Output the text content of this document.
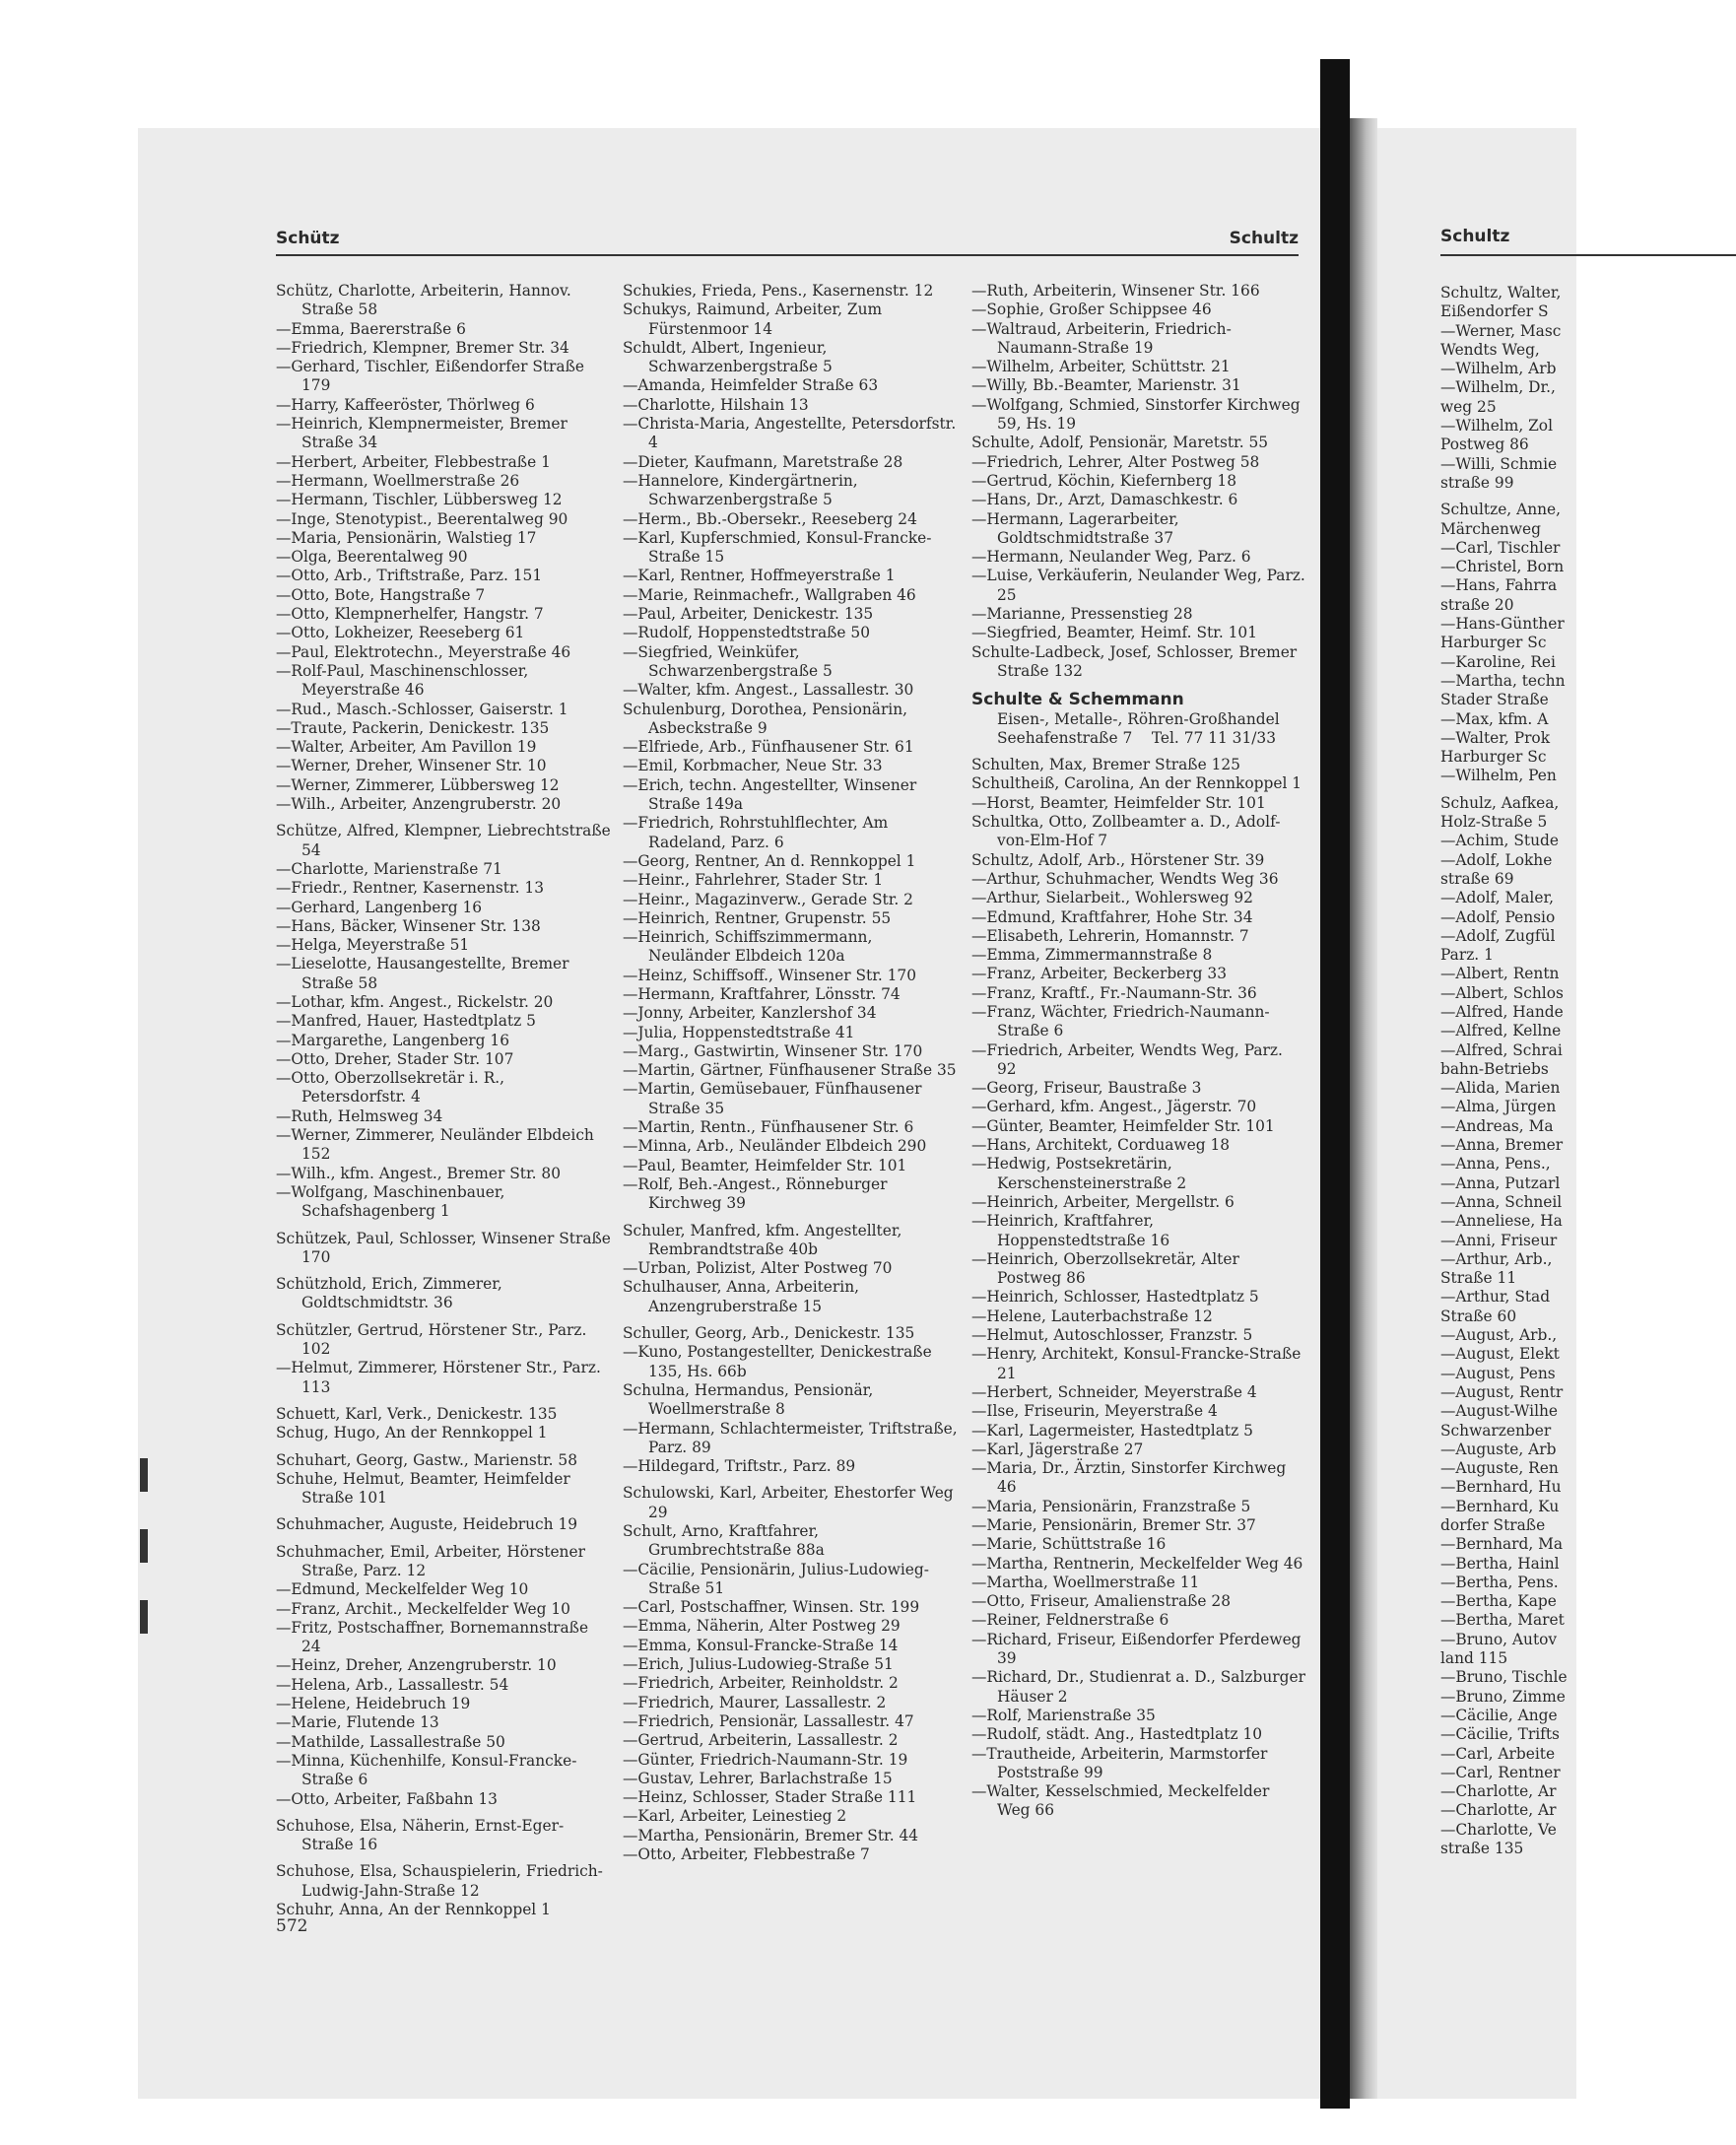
Schütz	Schultz

Schütz, Charlotte, Arbeiterin, Hannov. Straße 58

—Emma, Baererstraße 6

—Friedrich, Klempner, Bremer Str. 34

—Gerhard, Tischler, Eißendorfer Straße 179

—Harry, Kaffeeröster, Thörlweg 6

—Heinrich, Klempnermeister, Bremer Straße 34

—Herbert, Arbeiter, Flebbestraße 1

—Hermann, Woellmerstraße 26

—Hermann, Tischler, Lübbersweg 12

—Inge, Stenotypist., Beerentalweg 90

—Maria, Pensionärin, Walstieg 17

—Olga, Beerentalweg 90

—Otto, Arb., Triftstraße, Parz. 151

—Otto, Bote, Hangstraße 7

—Otto, Klempnerhelfer, Hangstr. 7

—Otto, Lokheizer, Reeseberg 61

—Paul, Elektrotechn., Meyerstraße 46

—Rolf-Paul, Maschinenschlosser, Meyerstraße 46

—Rud., Masch.-Schlosser, Gaiserstr. 1

—Traute, Packerin, Denickestr. 135

—Walter, Arbeiter, Am Pavillon 19

—Werner, Dreher, Winsener Str. 10

—Werner, Zimmerer, Lübbersweg 12

—Wilh., Arbeiter, Anzengruberstr. 20

Schütze, Alfred, Klempner, Liebrechtstraße 54

—Charlotte, Marienstraße 71

—Friedr., Rentner, Kasernenstr. 13

—Gerhard, Langenberg 16

—Hans, Bäcker, Winsener Str. 138

—Helga, Meyerstraße 51

—Lieselotte, Hausangestellte, Bremer Straße 58

—Lothar, kfm. Angest., Rickelstr. 20

—Manfred, Hauer, Hastedtplatz 5

—Margarethe, Langenberg 16

—Otto, Dreher, Stader Str. 107

—Otto, Oberzollsekretär i. R., Petersdorfstr. 4

—Ruth, Helmsweg 34

—Werner, Zimmerer, Neuländer Elbdeich 152

—Wilh., kfm. Angest., Bremer Str. 80

—Wolfgang, Maschinenbauer, Schafshagenberg 1

Schützek, Paul, Schlosser, Winsener Straße 170

Schützhold, Erich, Zimmerer, Goldtschmidtstr. 36

Schützler, Gertrud, Hörstener Str., Parz. 102

—Helmut, Zimmerer, Hörstener Str., Parz. 113

Schuett, Karl, Verk., Denickestr. 135

Schug, Hugo, An der Rennkoppel 1

Schuhart, Georg, Gastw., Marienstr. 58

Schuhe, Helmut, Beamter, Heimfelder Straße 101

Schuhmacher, Auguste, Heidebruch 19

Schuhmacher, Emil, Arbeiter, Hörstener Straße, Parz. 12

—Edmund, Meckelfelder Weg 10

—Franz, Archit., Meckelfelder Weg 10

—Fritz, Postschaffner, Bornemannstraße 24

—Heinz, Dreher, Anzengruberstr. 10

—Helena, Arb., Lassallestr. 54

—Helene, Heidebruch 19

—Marie, Flutende 13

—Mathilde, Lassallestraße 50

—Minna, Küchenhilfe, Konsul-Francke-Straße 6

—Otto, Arbeiter, Faßbahn 13

Schuhose, Elsa, Näherin, Ernst-Eger-Straße 16

Schuhose, Elsa, Schauspielerin, Friedrich-Ludwig-Jahn-Straße 12

Schuhr, Anna, An der Rennkoppel 1

Schukies, Frieda, Pens., Kasernenstr. 12

Schukys, Raimund, Arbeiter, Zum Fürstenmoor 14

Schuldt, Albert, Ingenieur, Schwarzenbergstraße 5

—Amanda, Heimfelder Straße 63

—Charlotte, Hilshain 13

—Christa-Maria, Angestellte, Petersdorfstr. 4

—Dieter, Kaufmann, Maretstraße 28

—Hannelore, Kindergärtnerin, Schwarzenbergstraße 5

—Herm., Bb.-Obersekr., Reeseberg 24

—Karl, Kupferschmied, Konsul-Francke-Straße 15

—Karl, Rentner, Hoffmeyerstraße 1

—Marie, Reinmachefr., Wallgraben 46

—Paul, Arbeiter, Denickestr. 135

—Rudolf, Hoppenstedtstraße 50

—Siegfried, Weinküfer, Schwarzenbergstraße 5

—Walter, kfm. Angest., Lassallestr. 30

Schulenburg, Dorothea, Pensionärin, Asbeckstraße 9

—Elfriede, Arb., Fünfhausener Str. 61

—Emil, Korbmacher, Neue Str. 33

—Erich, techn. Angestellter, Winsener Straße 149a

—Friedrich, Rohrstuhlflechter, Am Radeland, Parz. 6

—Georg, Rentner, An d. Rennkoppel 1

—Heinr., Fahrlehrer, Stader Str. 1

—Heinr., Magazinverw., Gerade Str. 2

—Heinrich, Rentner, Grupenstr. 55

—Heinrich, Schiffszimmermann, Neuländer Elbdeich 120a

—Heinz, Schiffsoff., Winsener Str. 170

—Hermann, Kraftfahrer, Lönsstr. 74

—Jonny, Arbeiter, Kanzlershof 34

—Julia, Hoppenstedtstraße 41

—Marg., Gastwirtin, Winsener Str. 170

—Martin, Gärtner, Fünfhausener Straße 35

—Martin, Gemüsebauer, Fünfhausener Straße 35

—Martin, Rentn., Fünfhausener Str. 6

—Minna, Arb., Neuländer Elbdeich 290

—Paul, Beamter, Heimfelder Str. 101

—Rolf, Beh.-Angest., Rönneburger Kirchweg 39

Schuler, Manfred, kfm. Angestellter, Rembrandtstraße 40b

—Urban, Polizist, Alter Postweg 70

Schulhauser, Anna, Arbeiterin, Anzengruberstraße 15

Schuller, Georg, Arb., Denickestr. 135

—Kuno, Postangestellter, Denickestraße 135, Hs. 66b

Schulna, Hermandus, Pensionär, Woellmerstraße 8

—Hermann, Schlachtermeister, Triftstraße, Parz. 89

—Hildegard, Triftstr., Parz. 89

Schulowski, Karl, Arbeiter, Ehestorfer Weg 29

Schult, Arno, Kraftfahrer, Grumbrechtstraße 88a

—Cäcilie, Pensionärin, Julius-Ludowieg-Straße 51

—Carl, Postschaffner, Winsen. Str. 199

—Emma, Näherin, Alter Postweg 29

—Emma, Konsul-Francke-Straße 14

—Erich, Julius-Ludowieg-Straße 51

—Friedrich, Arbeiter, Reinholdstr. 2

—Friedrich, Maurer, Lassallestr. 2

—Friedrich, Pensionär, Lassallestr. 47

—Gertrud, Arbeiterin, Lassallestr. 2

—Günter, Friedrich-Naumann-Str. 19

—Gustav, Lehrer, Barlachstraße 15

—Heinz, Schlosser, Stader Straße 111

—Karl, Arbeiter, Leinestieg 2

—Martha, Pensionärin, Bremer Str. 44

—Otto, Arbeiter, Flebbestraße 7

—Ruth, Arbeiterin, Winsener Str. 166

—Sophie, Großer Schippsee 46

—Waltraud, Arbeiterin, Friedrich-Naumann-Straße 19

—Wilhelm, Arbeiter, Schüttstr. 21

—Willy, Bb.-Beamter, Marienstr. 31

—Wolfgang, Schmied, Sinstorfer Kirchweg 59, Hs. 19

Schulte, Adolf, Pensionär, Maretstr. 55

—Friedrich, Lehrer, Alter Postweg 58

—Gertrud, Köchin, Kiefernberg 18

—Hans, Dr., Arzt, Damaschkestr. 6

—Hermann, Lagerarbeiter, Goldtschmidtstraße 37

—Hermann, Neulander Weg, Parz. 6

—Luise, Verkäuferin, Neulander Weg, Parz. 25

—Marianne, Pressenstieg 28

—Siegfried, Beamter, Heimf. Str. 101

Schulte-Ladbeck, Josef, Schlosser, Bremer Straße 132

Schulte & Schemmann

Eisen-, Metalle-, Röhren-Großhandel

Seehafenstraße 7    Tel. 77 11 31/33

Schulten, Max, Bremer Straße 125

Schultheiß, Carolina, An der Rennkoppel 1

—Horst, Beamter, Heimfelder Str. 101

Schultka, Otto, Zollbeamter a. D., Adolf-von-Elm-Hof 7

Schultz, Adolf, Arb., Hörstener Str. 39

—Arthur, Schuhmacher, Wendts Weg 36

—Arthur, Sielarbeit., Wohlersweg 92

—Edmund, Kraftfahrer, Hohe Str. 34

—Elisabeth, Lehrerin, Homannstr. 7

—Emma, Zimmermannstraße 8

—Franz, Arbeiter, Beckerberg 33

—Franz, Kraftf., Fr.-Naumann-Str. 36

—Franz, Wächter, Friedrich-Naumann-Straße 6

—Friedrich, Arbeiter, Wendts Weg, Parz. 92

—Georg, Friseur, Baustraße 3

—Gerhard, kfm. Angest., Jägerstr. 70

—Günter, Beamter, Heimfelder Str. 101

—Hans, Architekt, Corduaweg 18

—Hedwig, Postsekretärin, Kerschensteinerstraße 2

—Heinrich, Arbeiter, Mergellstr. 6

—Heinrich, Kraftfahrer, Hoppenstedtstraße 16

—Heinrich, Oberzollsekretär, Alter Postweg 86

—Heinrich, Schlosser, Hastedtplatz 5

—Helene, Lauterbachstraße 12

—Helmut, Autoschlosser, Franzstr. 5

—Henry, Architekt, Konsul-Francke-Straße 21

—Herbert, Schneider, Meyerstraße 4

—Ilse, Friseurin, Meyerstraße 4

—Karl, Lagermeister, Hastedtplatz 5

—Karl, Jägerstraße 27

—Maria, Dr., Ärztin, Sinstorfer Kirchweg 46

—Maria, Pensionärin, Franzstraße 5

—Marie, Pensionärin, Bremer Str. 37

—Marie, Schüttstraße 16

—Martha, Rentnerin, Meckelfelder Weg 46

—Martha, Woellmerstraße 11

—Otto, Friseur, Amalienstraße 28

—Reiner, Feldnerstraße 6

—Richard, Friseur, Eißendorfer Pferdeweg 39

—Richard, Dr., Studienrat a. D., Salzburger Häuser 2

—Rolf, Marienstraße 35

—Rudolf, städt. Ang., Hastedtplatz 10

—Trautheide, Arbeiterin, Marmstorfer Poststraße 99

—Walter, Kesselschmied, Meckelfelder Weg 66

572
Schultz

Schultz, Walter,

Eißendorfer S

—Werner, Masc

Wendts Weg,

—Wilhelm, Arb

—Wilhelm, Dr.,

weg 25

—Wilhelm, Zol

Postweg 86

—Willi, Schmie

straße 99

Schultze, Anne,

Märchenweg

—Carl, Tischler

—Christel, Born

—Hans, Fahrra

straße 20

—Hans-Günther

Harburger Sc

—Karoline, Rei

—Martha, techn

Stader Straße

—Max, kfm. A

—Walter, Prok

Harburger Sc

—Wilhelm, Pen

Schulz, Aafkea,

Holz-Straße 5

—Achim, Stude

—Adolf, Lokhe

straße 69

—Adolf, Maler,

—Adolf, Pensio

—Adolf, Zugfül

Parz. 1

—Albert, Rentn

—Albert, Schlos

—Alfred, Hande

—Alfred, Kellne

—Alfred, Schrai

bahn-Betriebs

—Alida, Marien

—Alma, Jürgen

—Andreas, Ma

—Anna, Bremer

—Anna, Pens.,

—Anna, Putzarl

—Anna, Schneil

—Anneliese, Ha

—Anni, Friseur

—Arthur, Arb.,

Straße 11

—Arthur, Stad

Straße 60

—August, Arb.,

—August, Elekt

—August, Pens

—August, Rentr

—August-Wilhe

Schwarzenber

—Auguste, Arb

—Auguste, Ren

—Bernhard, Hu

—Bernhard, Ku

dorfer Straße

—Bernhard, Ma

—Bertha, Hainl

—Bertha, Pens.

—Bertha, Kape

—Bertha, Maret

—Bruno, Autov

land 115

—Bruno, Tischle

—Bruno, Zimme

—Cäcilie, Ange

—Cäcilie, Trifts

—Carl, Arbeite

—Carl, Rentner

—Charlotte, Ar

—Charlotte, Ar

—Charlotte, Ve

straße 135
